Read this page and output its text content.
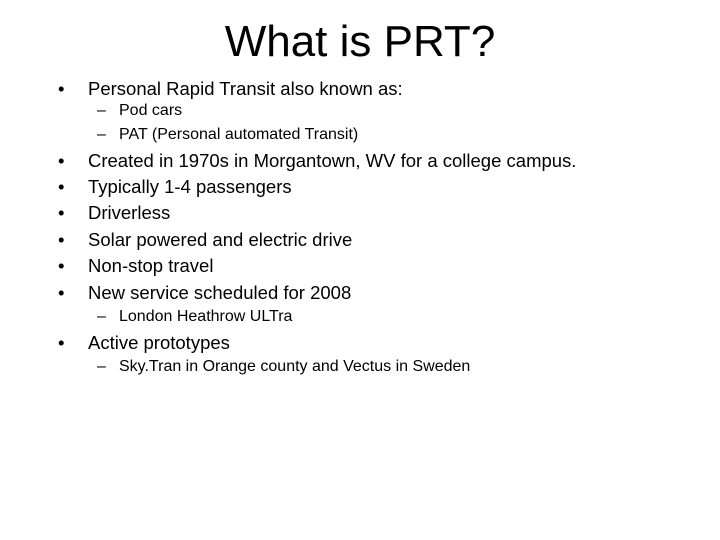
What is PRT?
• Personal Rapid Transit also known as:
– Pod cars
– PAT (Personal automated Transit)
• Created in 1970s in Morgantown, WV for a college campus.
• Typically 1-4 passengers
• Driverless
• Solar powered and electric drive
• Non-stop travel
• New service scheduled for 2008
– London Heathrow ULTra
• Active prototypes
– Sky.Tran in Orange county and Vectus in Sweden
